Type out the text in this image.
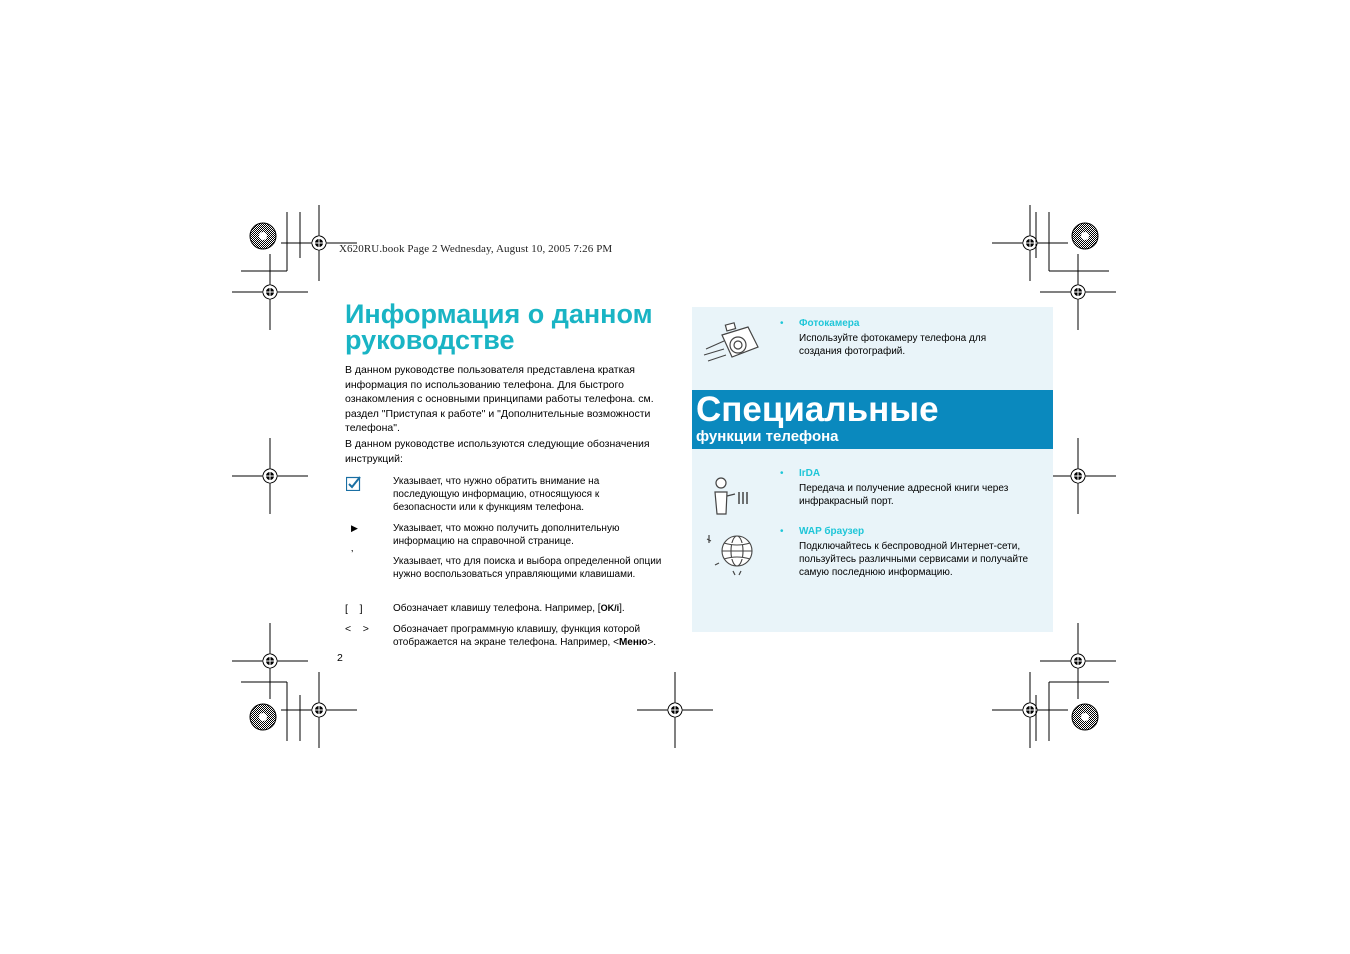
X620RU.book Page 2 Wednesday, August 10, 2005 7:26 PM
Информация о данном руководстве
В данном руководстве пользователя представлена краткая информация по использованию телефона. Для быстрого ознакомления с основными принципами работы телефона. см. раздел "Приступая к работе" и "Дополнительные возможности телефона".
В данном руководстве используются следующие обозначения инструкций:
Указывает, что нужно обратить внимание на последующую информацию, относящуюся к безопасности или к функциям телефона.
▶	Указывает, что можно получить дополнительную информацию на справочной странице.
’
Указывает, что для поиска и выбора определенной опции нужно воспользоваться управляющими клавишами.
[    ]	Обозначает клавишу телефона. Например, [OK/i].
<    > Обозначает программную клавишу, функция которой отображается на экране телефона. Например, <Меню>.
2
• Фотокамера
Используйте фотокамеру телефона для создания фотографий.
Специальные
функции телефона
• IrDA
Передача и получение адресной книги через инфракрасный порт.
• WAP браузер
Подключайтесь к беспроводной Интернет-сети, пользуйтесь различными сервисами и получайте самую последнюю информацию.
